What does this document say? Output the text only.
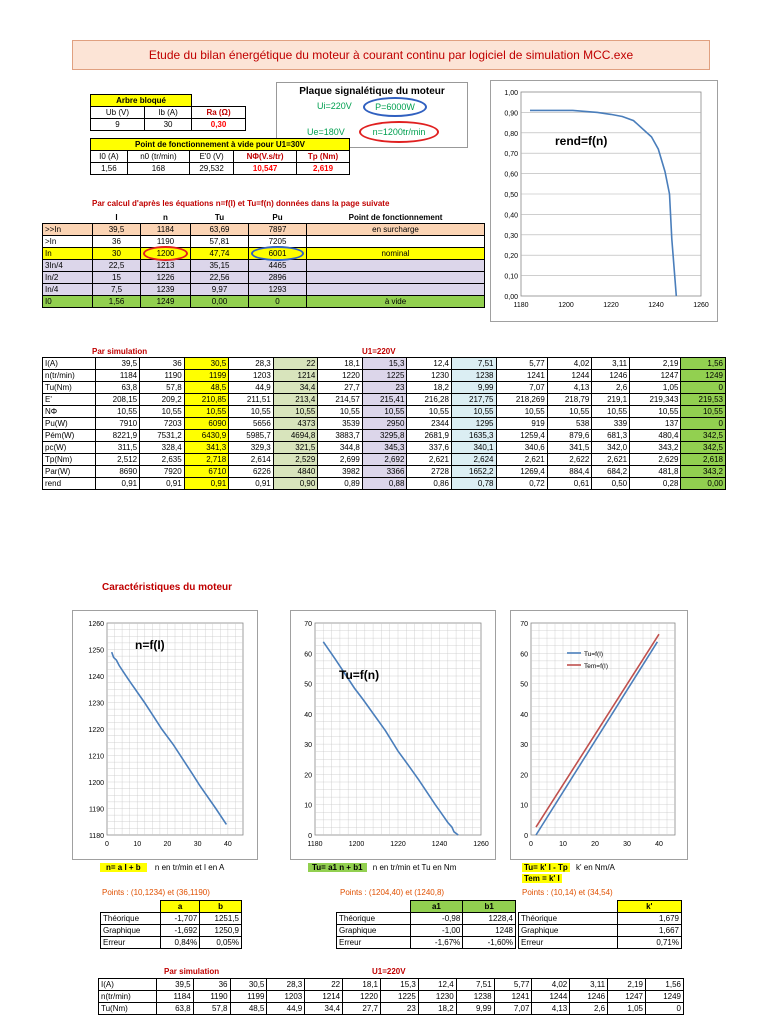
Etude du bilan énergétique du moteur à courant continu par logiciel de simulation MCC.exe
Arbre bloqué		
Ub (V)	Ib (A)	Ra (Ω)
9	30	0,30
Plaque signalétique du moteur
Ui=220V	P=6000W
Ue=180V	n=1200tr/min
Point de fonctionnement à vide pour U1=30V				
I0 (A)	n0 (tr/min)	E'0 (V)	NΦ(V.s/tr)	Tp (Nm)
1,56	168	29,532	10,547	2,619
Par calcul d'après les équations n=f(I) et Tu=f(n) données dans la page suivate
	I	n	Tu	Pu	Point de fonctionnement
>>In	39,5	1184	63,69	7897	en surcharge
>In	36	1190	57,81	7205	
In	30	1200	47,74	6001	nominal
3In/4	22,5	1213	35,15	4465	
In/2	15	1226	22,56	2896	
In/4	7,5	1239	9,97	1293	
I0	1,56	1249	0,00	0	à vide	0,00
0,10
0,20
0,30
0,40
0,50
0,60
0,70
0,80
0,90
1,00
1180	1200	1220	1240	1260
rend=f(n)
Par simulation	U1=220V
I(A)	39,5	36	30,5	28,3	22	18,1	15,3	12,4	7,51	5,77	4,02	3,11	2,19	1,56
n(tr/min)	1184	1190	1199	1203	1214	1220	1225	1230	1238	1241	1244	1246	1247	1249
Tu(Nm)	63,8	57,8	48,5	44,9	34,4	27,7	23	18,2	9,99	7,07	4,13	2,6	1,05	0
E'	208,15	209,2	210,85	211,51	213,4	214,57	215,41	216,28	217,75	218,269	218,79	219,1	219,343	219,53
NΦ	10,55	10,55	10,55	10,55	10,55	10,55	10,55	10,55	10,55	10,55	10,55	10,55	10,55	10,55
Pu(W)	7910	7203	6090	5656	4373	3539	2950	2344	1295	919	538	339	137	0
Pém(W)	8221,9	7531,2	6430,9	5985,7	4694,8	3883,7	3295,8	2681,9	1635,3	1259,4	879,6	681,3	480,4	342,5
pc(W)	311,5	328,4	341,3	329,3	321,5	344,8	345,3	337,6	340,1	340,6	341,5	342,0	343,2	342,5
Tp(Nm)	2,512	2,635	2,718	2,614	2,529	2,699	2,692	2,621	2,624	2,621	2,622	2,621	2,629	2,618
Par(W)	8690	7920	6710	6226	4840	3982	3366	2728	1652,2	1269,4	884,4	684,2	481,8	343,2
rend	0,91	0,91	0,91	0,91	0,90	0,89	0,88	0,86	0,78	0,72	0,61	0,50	0,28	0,00
Caractéristiques du moteur
1180
1190
1200
1210
1220
1230
1240
1250
1260
0	10	20	30	40
n=f(I)
0
10
20
30
40
50
60
70
1180	1200	1220	1240	1260
Tu=f(n)
0
10
20
30
40
50
60
70
0	10	20	30	40
Tu=f(I)
Tem=f(I)
n= a I + b n en tr/min et I en A	Tu= a1 n + b1 n en tr/min et Tu en Nm	Tu= k' I - Tp k' en Nm/A
Tem = k' I
Points : (10,1234) et (36,1190)	Points : (1204,40) et (1240,8)	Points : (10,14) et (34,54)
	a	b
Théorique	-1,707	1251,5
Graphique	-1,692	1250,9
Erreur	0,84%	0,05%
	a1	b1
Théorique	-0,98	1228,4
Graphique	-1,00	1248
Erreur	-1,67%	-1,60%
	k'
Théorique	1,679
Graphique	1,667
Erreur	0,71%
Par simulation	U1=220V
I(A)	39,5	36	30,5	28,3	22	18,1	15,3	12,4	7,51	5,77	4,02	3,11	2,19	1,56
n(tr/min)	1184	1190	1199	1203	1214	1220	1225	1230	1238	1241	1244	1246	1247	1249
Tu(Nm)	63,8	57,8	48,5	44,9	34,4	27,7	23	18,2	9,99	7,07	4,13	2,6	1,05	0
